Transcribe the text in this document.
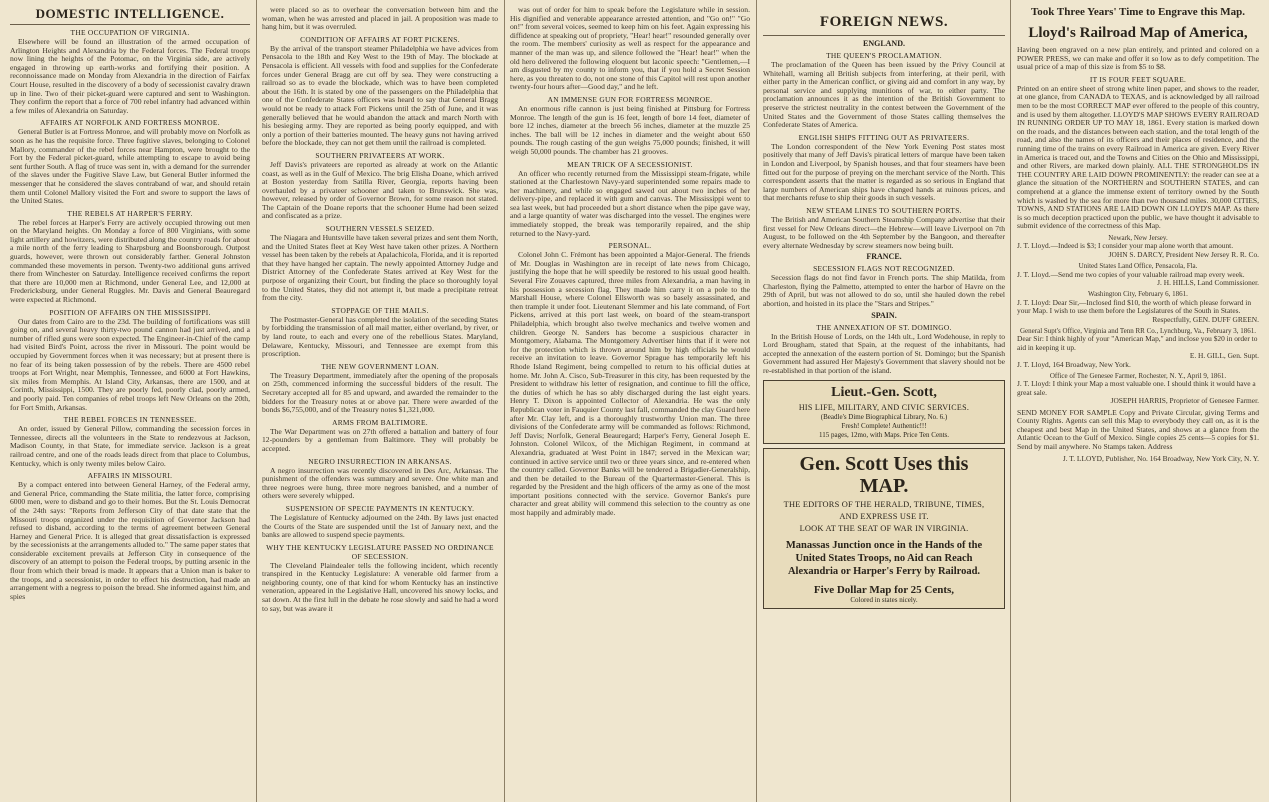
DOMESTIC INTELLIGENCE.
THE OCCUPATION OF VIRGINIA.

Elsewhere will be found an illustration of the armed occupation of Arlington Heights and Alexandria by the Federal forces. The Federal troops now lining the heights of the Potomac, on the Virginia side, are actively engaged in throwing up earth-works and fortifying their position. A reconnoissance made on Monday from Alexandria in the direction of Fairfax Court House, resulted in the discovery of a body of secessionist cavalry drawn up in line. Two of their picket-guard were captured and sent to Washington. They confirm the report that a force of 700 rebel infantry had advanced within a few miles of Alexandria on Saturday.

AFFAIRS AT NORFOLK AND FORTRESS MONROE.

General Butler is at Fortress Monroe, and will probably move on Norfolk as soon as he has the requisite force. Three fugitive slaves, belonging to Colonel Mallory, commander of the rebel forces near Hampton, were brought to the Fort by the Federal picket-guard, while attempting to escape to avoid being sent further South. A flag of truce was sent in, with a demand for the surrender of the slaves under the Fugitive Slave Law, but General Butler informed the messenger that he considered the slaves contraband of war, and should retain them until Colonel Mallory visited the Fort and swore to support the laws of the United States.

THE REBELS AT HARPER'S FERRY.

The rebel forces at Harper's Ferry are actively occupied throwing out men on the Maryland heights. On Monday a force of 800 Virginians, with some light artillery and howitzers, were distributed along the country roads for about a mile north of the ferry leading to Sharpsburg and Boonsborough. Outpost guards, however, were thrown out considerably farther. General Johnston commanded these movements in person. Twenty-two additional guns arrived there from Winchester on Saturday. Intelligence received confirms the report that there are 10,000 men at Richmond, under General Lee, and 12,000 at Fredericksburg, under General Ruggles. Mr. Davis and General Beauregard were expected at Richmond.

POSITION OF AFFAIRS ON THE MISSISSIPPI.

Our dates from Cairo are to the 23d. The building of fortifications was still going on, and several heavy thirty-two pound cannon had just arrived, and a number of rifled guns were soon expected. The Engineer-in-Chief of the camp had visited Bird's Point, across the river in Missouri. The point would be occupied by Government forces when it was necessary; but at present there is no fear of its being taken possession of by the rebels. There are 4500 rebel troops at Fort Wright, near Memphis, Tennessee, and 6000 at Fort Hawkins, six miles from Memphis. At Island City, Arkansas, there are 1500, and at Corinth, Mississippi, 1500. They are poorly fed, poorly clad, poorly armed, and poorly paid. Ten companies of rebel troops left New Orleans on the 20th, for Fort Smith, Arkansas.

THE REBEL FORCES IN TENNESSEE.

An order, issued by General Pillow, commanding the secession forces in Tennessee, directs all the volunteers in the State to rendezvous at Jackson, Madison County, in that State, for immediate service. Jackson is a great railroad centre, and one of the roads leads direct from that place to Columbus, Kentucky, which is only twenty miles below Cairo.

AFFAIRS IN MISSOURI.

By a compact entered into between General Harney, of the Federal army, and General Price, commanding the State militia, the latter force, comprising 6000 men, were to disband and go to their homes. But the St. Louis Democrat of the 24th says: "Reports from Jefferson City of that date state that the Missouri troops organized under the requisition of Governor Jackson had refused to disband, according to the terms of agreement between General Harney and General Price. It is alleged that great dissatisfaction is expressed by the secessionists at the arrangements alluded to." The same paper states that considerable excitement prevails at Jefferson City in consequence of the discovery of an attempt to poison the Federal troops, by putting arsenic in the flour from which their bread is made. It appears that a Union man is baker to the troops, and a secessionist, in order to effect his destruction, had made an arrangement with a negress to poison the bread. She informed against him, and spies

were placed so as to overhear the conversation between him and the woman, when he was arrested and placed in jail. A proposition was made to hang him, but it was overruled.

CONDITION OF AFFAIRS AT FORT PICKENS.

By the arrival of the transport steamer Philadelphia we have advices from Pensacola to the 18th and Key West to the 19th of May. The blockade at Pensacola is efficient. All vessels with food and supplies for the Confederate forces under General Bragg are cut off by sea. They were constructing a railroad so as to evade the blockade, which was to have been completed about the 16th. It is stated by one of the passengers on the Philadelphia that one of the Confederate States officers was heard to say that General Bragg would not be ready to attack Fort Pickens until the 25th of June, and it was generally believed that he would abandon the attack and march North with his besieging army. They are reported as being poorly equipped, and with only a portion of their batteries mounted. The heavy guns not having arrived before the blockade, they can not get them until the railroad is completed.

SOUTHERN PRIVATEERS AT WORK.

Jeff Davis's privateers are reported as already at work on the Atlantic coast, as well as in the Gulf of Mexico. The brig Elisha Doane, which arrived at Boston yesterday from Satilla River, Georgia, reports having been overhauled by a privateer schooner and taken to Brunswick. She was, however, released by order of Governor Brown, for some reason not stated. The Captain of the Doane reports that the schooner Hume had been seized and confiscated as a prize.

SOUTHERN VESSELS SEIZED.

The Niagara and Huntsville have taken several prizes and sent them North, and the United States fleet at Key West have taken other prizes. A Northern vessel has been taken by the rebels at Apalachicola, Florida, and it is reported that they have hanged her captain. The newly appointed Attorney Judge and District Attorney of the Confederate States arrived at Key West for the purpose of organizing their Court, but finding the place so thoroughly loyal to the United States, they did not attempt it, but made a precipitate retreat from the city.

STOPPAGE OF THE MAILS.

The Postmaster-General has completed the isolation of the seceding States by forbidding the transmission of all mail matter, either overland, by river, or by land route, to each and every one of the rebellious States. Maryland, Delaware, Kentucky, Missouri, and Tennessee are exempt from this proscription.

THE NEW GOVERNMENT LOAN.

The Treasury Department, immediately after the opening of the proposals on 25th, commenced informing the successful bidders of the result. The Secretary accepted all for 85 and upward, and awarded the remainder to the bidders for the Treasury notes at or above par. There were awarded of the bonds $6,755,000, and of the Treasury notes $1,321,000.

ARMS FROM BALTIMORE.

The War Department was on 27th offered a battalion and battery of four 12-pounders by a gentleman from Baltimore. They will probably be accepted.

NEGRO INSURRECTION IN ARKANSAS.

A negro insurrection was recently discovered in Des Arc, Arkansas. The punishment of the offenders was summary and severe. One white man and three negroes were hung, three more negroes banished, and a number of others were severely whipped.

SUSPENSION OF SPECIE PAYMENTS IN KENTUCKY.

The Legislature of Kentucky adjourned on the 24th. By laws just enacted the Courts of the State are suspended until the 1st of January next, and the banks are allowed to suspend specie payments.

WHY THE KENTUCKY LEGISLATURE PASSED NO ORDINANCE OF SECESSION.

The Cleveland Plaindealer tells the following incident, which recently transpired in the Kentucky Legislature: A venerable old farmer from a neighboring county, one of that kind for whom Kentucky has an instinctive veneration, appeared in the Legislative Hall, uncovered his snowy locks, and sat down. At the first lull in the debate he rose slowly and said he had a word to say, but was aware it

was out of order for him to speak before the Legislature while in session. His dignified and venerable appearance arrested attention, and "Go on!" "Go on!" from several voices, seemed to keep him on his feet. Again expressing his diffidence at speaking out of propriety, "Hear! hear!" resounded generally over the room. The members' curiosity as well as respect for the appearance and manner of the man was up, and silence followed the "Hear! hear!" when the old hero delivered the following eloquent but laconic speech: "Gentlemen,—I am disgusted by my county to inform you, that if you hold a Secret Session here, as you threaten to do, not one stone of this Capitol will rest upon another twenty-four hours after—Good day," and he left.

AN IMMENSE GUN FOR FORTRESS MONROE.

An enormous rifle cannon is just being finished at Pittsburg for Fortress Monroe. The length of the gun is 16 feet, length of bore 14 feet, diameter of bore 12 inches, diameter at the breech 56 inches, diameter at the muzzle 25 inches. The ball will be 12 inches in diameter and the weight about 650 pounds. The rough casting of the gun weighs 75,000 pounds; finished, it will weigh 50,000 pounds. The chamber has 21 grooves.

MEAN TRICK OF A SECESSIONIST.

An officer who recently returned from the Mississippi steam-frigate, while stationed at the Charlestown Navy-yard superintended some repairs made to her machinery, and while so engaged sawed out about two inches of her delivery-pipe, and replaced it with gum and canvas. The Mississippi went to sea last week, but had proceeded but a short distance when the pipe gave way, and a large quantity of water was discharged into the vessel. The engines were immediately stopped, the break was temporarily repaired, and the ship returned to the Navy-yard.

PERSONAL.

Colonel John C. Frémont has been appointed a Major-General. The friends of Mr. Douglas in Washington are in receipt of late news from Chicago, justifying the hope that he will speedily be restored to his usual good health. Several Fire Zouaves captured, three miles from Alexandria, a man having in his possession a secession flag. They made him carry it on a pole to the Marshall House, where Colonel Ellsworth was so basely assassinated, and then trample it under foot. Lieutenant Slemmer and his late command, of Fort Pickens, arrived at this port last week, on board of the steam-transport Philadelphia, which brought also twelve mechanics and twelve women and children. George N. Sanders has become a suspicious character in Montgomery, Alabama. The Montgomery Advertiser hints that if it were not for the protection which is thrown around him by high officials he would receive an invitation to leave. Governor Sprague has temporarily left his Rhode Island Regiment, being compelled to return to his official duties at home. Mr. John A. Cisco, Sub-Treasurer in this city, has been requested by the President to withdraw his letter of resignation, and continue to fill the office, the duties of which he has so ably discharged during the last eight years. Henry T. Dixon is appointed Collector of Alexandria. He was the only Republican voter in Fauquier County last fall, commanded the clay Guard here after Mr. Clay left, and is a thoroughly trustworthy Union man. The three divisions of the Confederate army will be commanded as follows: Richmond, Jeff Davis; Norfolk, General Beauregard; Harper's Ferry, General Joseph E. Johnston. Colonel Wilcox, of the Michigan Regiment, in command at Alexandria, graduated at West Point in 1847; served in the Mexican war; continued in active service until two or three years since, and re-entered when the country called. Governor Banks will be tendered a Brigadier-Generalship, and then be detailed to the Bureau of the Quartermaster-General. This is regarded by the President and the high officers of the army as one of the most important positions connected with the service. Governor Banks's pure character and great ability will commend this selection to the country as one most happily and admirably made.

FOREIGN NEWS.
ENGLAND.
THE QUEEN'S PROCLAMATION.

The proclamation of the Queen has been issued by the Privy Council at Whitehall, warning all British subjects from interfering, at their peril, with either party in the American conflict, or giving aid and comfort in any way, by personal service and supplying munitions of war, to either party. The proclamation announces it as the intention of the British Government to preserve the strictest neutrality in the contest between the Government of the United States and the Government of those States calling themselves the Confederate States of America.

ENGLISH SHIPS FITTING OUT AS PRIVATEERS.

The London correspondent of the New York Evening Post states most positively that many of Jeff Davis's piratical letters of marque have been taken in London and Liverpool, by Spanish houses, and that four steamers have been fitted out for the purpose of preying on the merchant service of the North. This correspondent asserts that the matter is regarded as so serious in England that large numbers of American ships have changed hands at ruinous prices, and that merchants refuse to ship their goods in such vessels.

NEW STEAM LINES TO SOUTHERN PORTS.

The British and American Southern Steamship Company advertise that their first vessel for New Orleans direct—the Hebrew—will leave Liverpool on 7th August, to be followed on the 4th September by the Bangoon, and thereafter every alternate Wednesday by screw steamers now being built.

FRANCE.
SECESSION FLAGS NOT RECOGNIZED.

Secession flags do not find favor in French ports. The ship Matilda, from Charleston, flying the Palmetto, attempted to enter the harbor of Havre on the 29th of April, but was not allowed to do so, until she hauled down the rebel abortion, and hoisted in its place the "Stars and Stripes."

SPAIN.
THE ANNEXATION OF ST. DOMINGO.

In the British House of Lords, on the 14th ult., Lord Wodehouse, in reply to Lord Brougham, stated that Spain, at the request of the inhabitants, had accepted the annexation of the eastern portion of St. Domingo; but the Spanish Government had assured Her Majesty's Government that slavery should not be re-established in that portion of the island.

Lieut.-Gen. Scott,
HIS LIFE, MILITARY, AND CIVIC SERVICES.
(Beadle's Dime Biographical Library, No. 6.)
Fresh! Complete! Authentic!!!
115 pages, 12mo, with Maps. Price Ten Cents.
Gen. Scott Uses this
MAP.
THE EDITORS OF THE HERALD, TRIBUNE, TIMES,
AND EXPRESS USE IT.
LOOK AT THE SEAT OF WAR IN VIRGINIA.
Manassas Junction once in the Hands of the United States Troops, no Aid can Reach Alexandria or Harper's Ferry by Railroad.
Five Dollar Map for 25 Cents,
Colored in states nicely.
Took Three Years' Time to Engrave this Map.
Lloyd's Railroad Map of America,

Having been engraved on a new plan entirely, and printed and colored on a POWER PRESS, we can make and offer it so low as to defy competition. The usual price of a map of this size is from $5 to $8.

IT IS FOUR FEET SQUARE.

Printed on an entire sheet of strong white linen paper, and shows to the reader, at one glance, from CANADA to TEXAS, and is acknowledged by all railroad men to be the most CORRECT MAP ever offered to the people of this country, and is used by them altogether. LLOYD'S MAP SHOWS EVERY RAILROAD IN RUNNING ORDER UP TO MAY 18, 1861. Every station is marked down on the roads, and the distances between each station, and the total length of the road, and also the names of its officers and their places of residence, and the running time of the trains on every Railroad in America are given. Every River in America is traced out, and the Towns and Cities on the Ohio and Mississippi, and other Rivers, are marked down plainly. ALL THE STRONGHOLDS IN THE COUNTRY ARE LAID DOWN PROMINENTLY: the reader can see at a glance the situation of the NORTHERN and SOUTHERN STATES, and can comprehend at a glance the immense extent of territory owned by the South which is washed by the sea for more than two thousand miles. 30,000 CITIES, TOWNS, AND STATIONS ARE LAID DOWN ON LLOYD'S MAP. As there is so much deception practiced upon the public, we have thought it advisable to submit evidence of the correctness of this Map.

Newark, New Jersey.
J. T. Lloyd.—Indeed is $3; I consider your map alone worth that amount.
JOHN S. DARCY, President New Jersey R. R. Co.
United States Land Office, Pensacola, Fla.
J. T. Lloyd.—Send me two copies of your valuable railroad map every week.
J. H. HILLS, Land Commissioner.
Washington City, February 6, 1861.
J. T. Lloyd: Dear Sir,—Inclosed find $10, the worth of which please forward in your Map. I wish to use them before the Legislatures of the South in States.
Respectfully, GEN. DUFF GREEN.
General Supt's Office, Virginia and Tenn RR Co., Lynchburg, Va., February 3, 1861.
Dear Sir: I think highly of your "American Map," and inclose you $20 in order to aid in keeping it up.
E. H. GILL, Gen. Supt.
J. T. Lloyd, 164 Broadway, New York.
Office of The Genesee Farmer, Rochester, N. Y., April 9, 1861.
J. T. Lloyd: I think your Map a most valuable one. I should think it would have a great sale.
JOSEPH HARRIS, Proprietor of Genesee Farmer.

SEND MONEY FOR SAMPLE Copy and Private Circular, giving Terms and County Rights. Agents can sell this Map to everybody they call on, as it is the cheapest and best Map in the United States, and shows at a glance from the Atlantic Ocean to the Gulf of Mexico. Single copies 25 cents—5 copies for $1. Send by mail anywhere. No Stamps taken. Address

J. T. LLOYD, Publisher, No. 164 Broadway, New York City, N. Y.
